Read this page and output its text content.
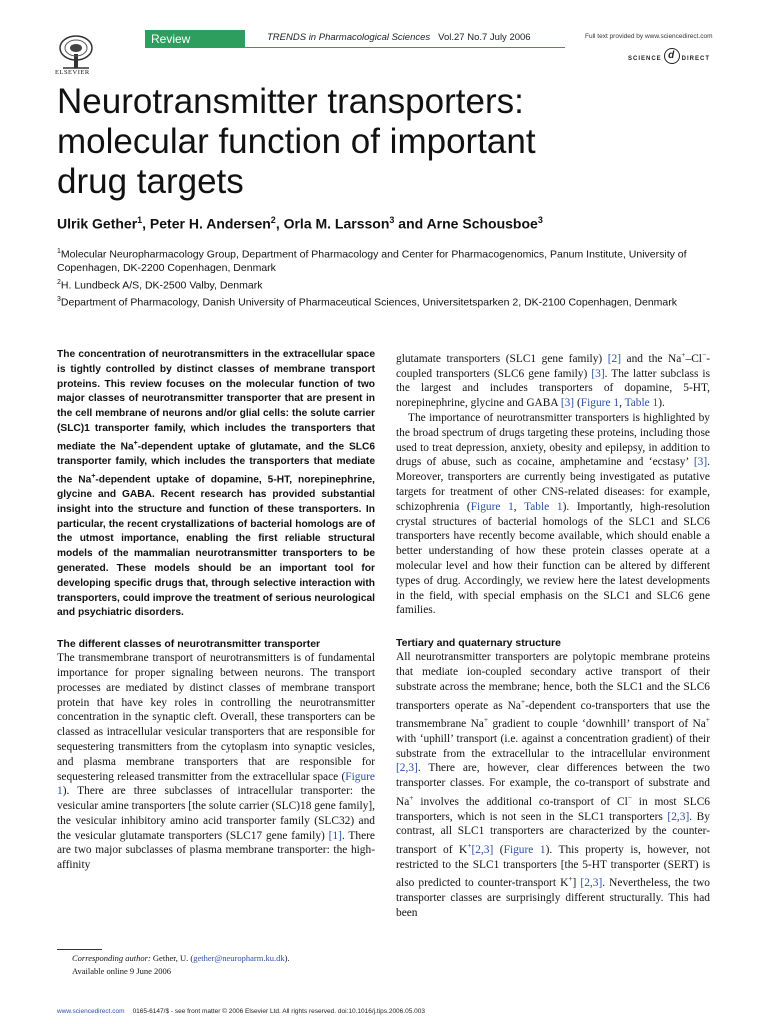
ELSEVIER
Review	TRENDS in Pharmacological Sciences Vol.27 No.7 July 2006	Full text provided by www.sciencedirect.com
SCIENCE d DIRECT
Neurotransmitter transporters:
molecular function of important
drug targets
Ulrik Gether$^1$, Peter H. Andersen$^2$, Orla M. Larsson$^3$ and Arne Schousboe$^3$
$^1$Molecular Neuropharmacology Group, Department of Pharmacology and Center for Pharmacogenomics, Panum Institute, University of Copenhagen, DK-2200 Copenhagen, Denmark
$^2$H. Lundbeck A/S, DK-2500 Valby, Denmark
$^3$Department of Pharmacology, Danish University of Pharmaceutical Sciences, Universitetsparken 2, DK-2100 Copenhagen, Denmark

The concentration of neurotransmitters in the extracellular space is tightly controlled by distinct classes of membrane transport proteins. This review focuses on the molecular function of two major classes of neurotransmitter transporter that are present in the cell membrane of neurons and/or glial cells: the solute carrier (SLC)1 transporter family, which includes the transporters that mediate the Na+-dependent uptake of glutamate, and the SLC6 transporter family, which includes the transporters that mediate the Na+-dependent uptake of dopamine, 5-HT, norepinephrine, glycine and GABA. Recent research has provided substantial insight into the structure and function of these transporters. In particular, the recent crystallizations of bacterial homologs are of the utmost importance, enabling the first reliable structural models of the mammalian neurotransmitter transporters to be generated. These models should be an important tool for developing specific drugs that, through selective interaction with transporters, could improve the treatment of serious neurological and psychiatric disorders.

The different classes of neurotransmitter transporter

The transmembrane transport of neurotransmitters is of fundamental importance for proper signaling between neurons. The transport processes are mediated by distinct classes of membrane transport protein that have key roles in controlling the neurotransmitter concentration in the synaptic cleft. Overall, these transporters can be classed as intracellular vesicular transporters that are responsible for sequestering transmitters from the cytoplasm into synaptic vesicles, and plasma membrane transporters that are responsible for sequestering released transmitter from the extracellular space (Figure 1). There are three subclasses of intracellular transporter: the vesicular amine transporters [the solute carrier (SLC)18 gene family], the vesicular inhibitory amino acid transporter family (SLC32) and the vesicular glutamate transporters (SLC17 gene family) [1]. There are two major subclasses of plasma membrane transporter: the high-affinity

glutamate transporters (SLC1 gene family) [2] and the Na+–Cl−-coupled transporters (SLC6 gene family) [3]. The latter subclass is the largest and includes transporters of dopamine, 5-HT, norepinephrine, glycine and GABA [3] (Figure 1, Table 1).

The importance of neurotransmitter transporters is highlighted by the broad spectrum of drugs targeting these proteins, including those used to treat depression, anxiety, obesity and epilepsy, in addition to drugs of abuse, such as cocaine, amphetamine and ‘ecstasy’ [3]. Moreover, transporters are currently being investigated as putative targets for treatment of other CNS-related diseases: for example, schizophrenia (Figure 1, Table 1). Importantly, high-resolution crystal structures of bacterial homologs of the SLC1 and SLC6 transporters have recently become available, which should enable a better understanding of how these protein classes operate at a molecular level and how their function can be altered by different types of drug. Accordingly, we review here the latest developments in the field, with special emphasis on the SLC1 and SLC6 gene families.

Tertiary and quaternary structure

All neurotransmitter transporters are polytopic membrane proteins that mediate ion-coupled secondary active transport of their substrate across the membrane; hence, both the SLC1 and the SLC6 transporters operate as Na+-dependent co-transporters that use the transmembrane Na+ gradient to couple ‘downhill’ transport of Na+ with ‘uphill’ transport (i.e. against a concentration gradient) of their substrate from the extracellular to the intracellular environment [2,3]. There are, however, clear differences between the two transporter classes. For example, the co-transport of substrate and Na+ involves the additional co-transport of Cl− in most SLC6 transporters, which is not seen in the SLC1 transporters [2,3]. By contrast, all SLC1 transporters are characterized by the counter-transport of K+[2,3] (Figure 1). This property is, however, not restricted to the SLC1 transporters [the 5-HT transporter (SERT) is also predicted to counter-transport K+] [2,3]. Nevertheless, the two transporter classes are surprisingly different structurally. This had been

Corresponding author: Gether, U. (gether@neuropharm.ku.dk).
Available online 9 June 2006
www.sciencedirect.com 0165-6147/$ - see front matter © 2006 Elsevier Ltd. All rights reserved. doi:10.1016/j.tips.2006.05.003
